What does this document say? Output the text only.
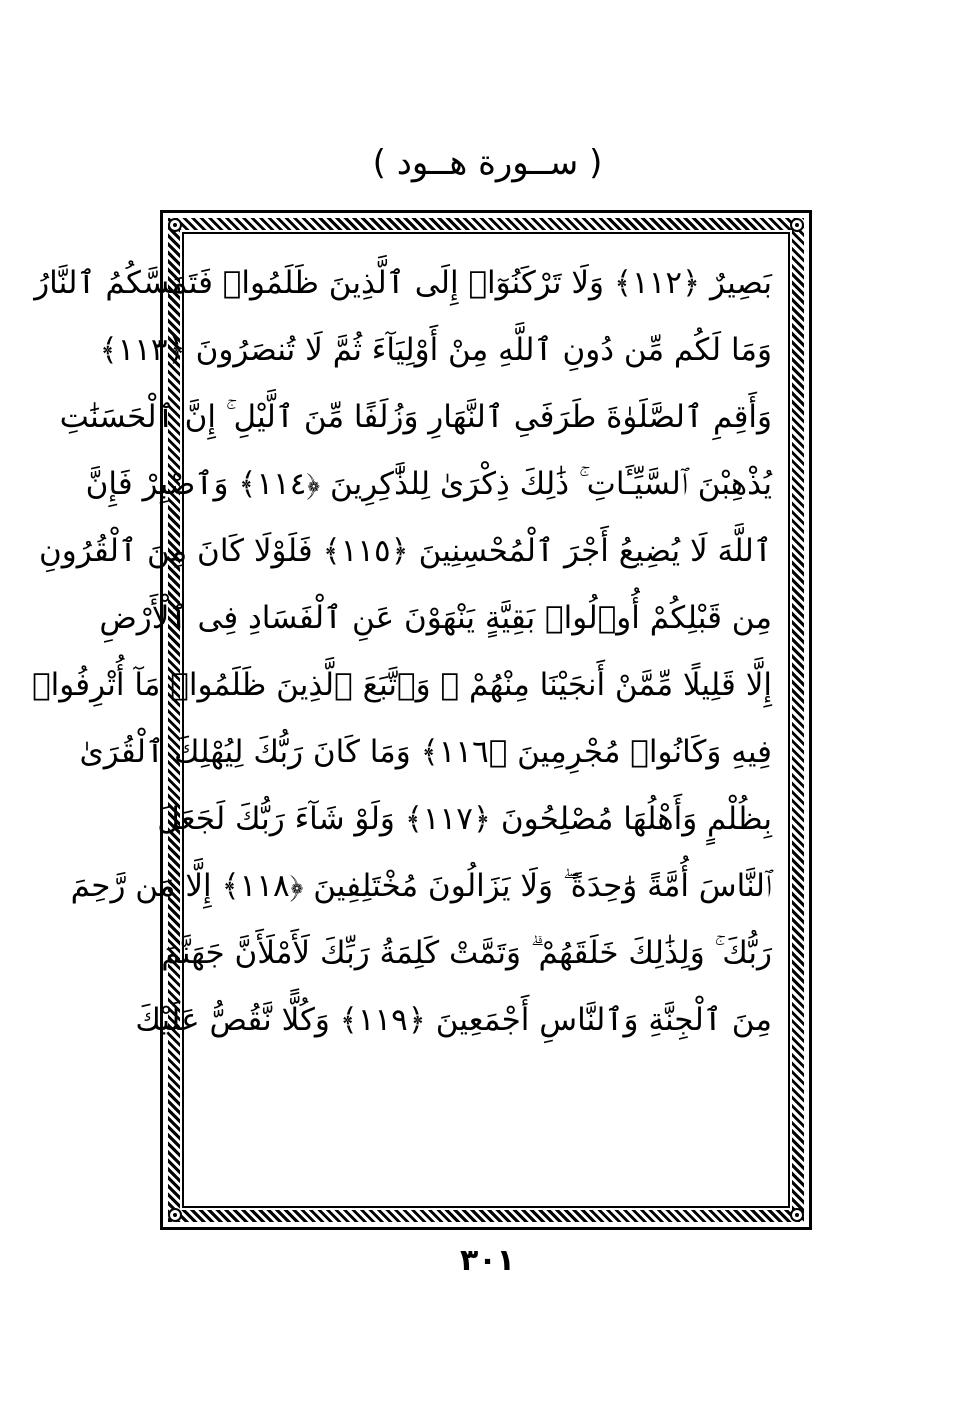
( ســورة هــود )
بَصِيرٌ ﴿١١٢﴾ وَلَا تَرْكَنُوٓا۟ إِلَى ٱلَّذِينَ ظَلَمُوا۟ فَتَمَسَّكُمُ ٱلنَّارُ
وَمَا لَكُم مِّن دُونِ ٱللَّهِ مِنْ أَوْلِيَآءَ ثُمَّ لَا تُنصَرُونَ ﴿١١٣﴾
وَأَقِمِ ٱلصَّلَوٰةَ طَرَفَىِ ٱلنَّهَارِ وَزُلَفًا مِّنَ ٱلَّيْلِ ۚ إِنَّ ٱلْحَسَنَٰتِ
يُذْهِبْنَ ٱلسَّيِّـَٔاتِ ۚ ذَٰلِكَ ذِكْرَىٰ لِلذَّٰكِرِينَ ﴿١١٤﴾ وَٱصْبِرْ فَإِنَّ
ٱللَّهَ لَا يُضِيعُ أَجْرَ ٱلْمُحْسِنِينَ ﴿١١٥﴾ فَلَوْلَا كَانَ مِنَ ٱلْقُرُونِ
مِن قَبْلِكُمْ أُو۟لُوا۟ بَقِيَّةٍ يَنْهَوْنَ عَنِ ٱلْفَسَادِ فِى ٱلْأَرْضِ
إِلَّا قَلِيلًا مِّمَّنْ أَنجَيْنَا مِنْهُمْ ۗ وَٱتَّبَعَ ٱلَّذِينَ ظَلَمُوا۟ مَآ أُتْرِفُوا۟
فِيهِ وَكَانُوا۟ مُجْرِمِينَ ﴿١١٦﴾ وَمَا كَانَ رَبُّكَ لِيُهْلِكَ ٱلْقُرَىٰ
بِظُلْمٍ وَأَهْلُهَا مُصْلِحُونَ ﴿١١٧﴾ وَلَوْ شَآءَ رَبُّكَ لَجَعَلَ
ٱلنَّاسَ أُمَّةً وَٰحِدَةً ۖ وَلَا يَزَالُونَ مُخْتَلِفِينَ ﴿١١٨﴾ إِلَّا مَن رَّحِمَ
رَبُّكَ ۚ وَلِذَٰلِكَ خَلَقَهُمْ ۗ وَتَمَّتْ كَلِمَةُ رَبِّكَ لَأَمْلَأَنَّ جَهَنَّمَ
مِنَ ٱلْجِنَّةِ وَٱلنَّاسِ أَجْمَعِينَ ﴿١١٩﴾ وَكُلًّا نَّقُصُّ عَلَيْكَ
٣٠١
